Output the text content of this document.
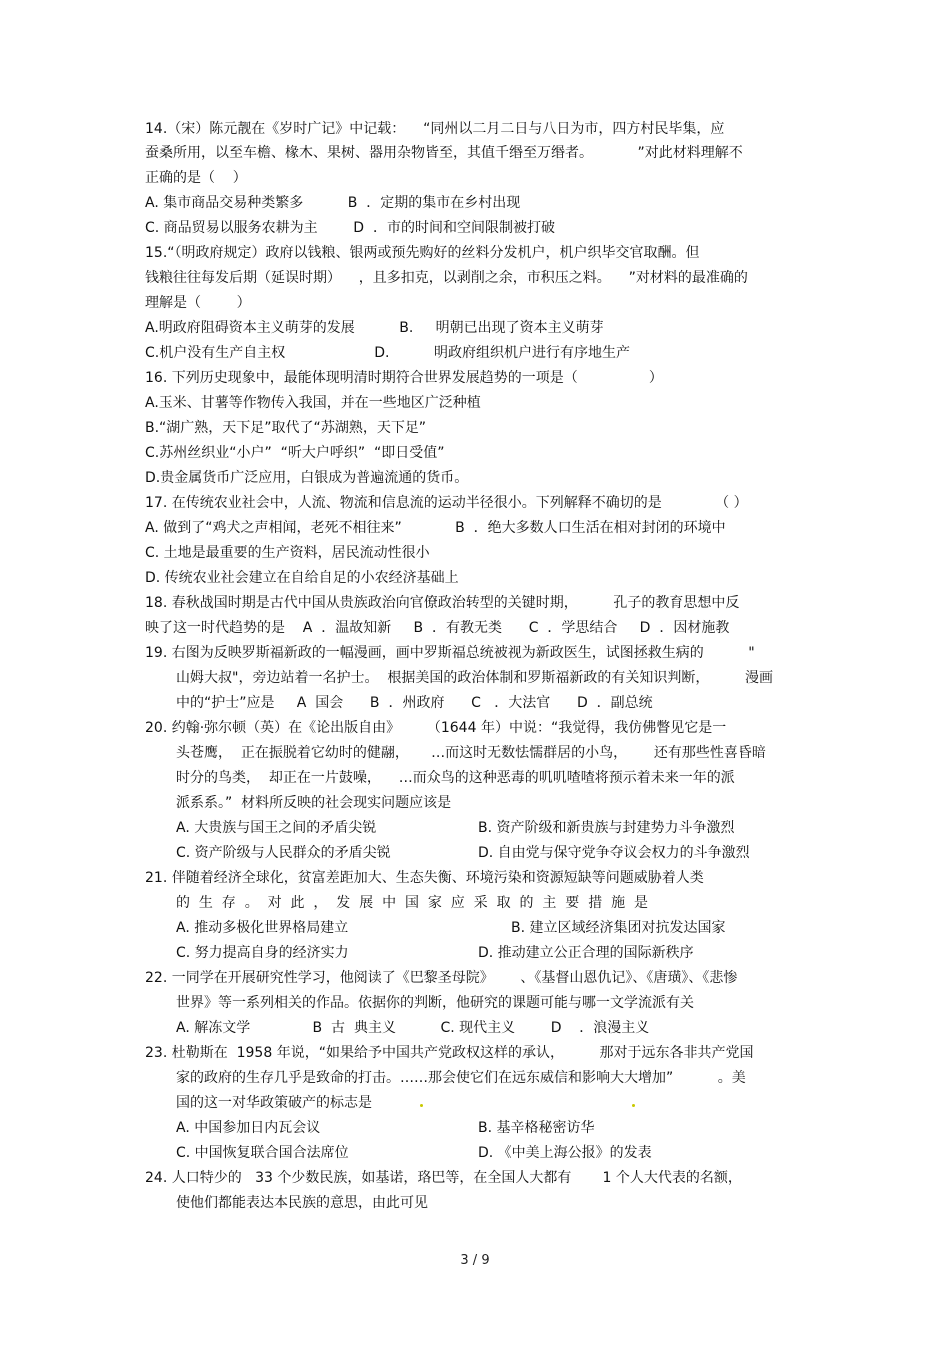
14.（宋）陈元靓在《岁时广记》中记载：    “同州以二月二日与八日为市，四方村民毕集，应
蚕桑所用，以至车檐、椽木、果树、器用杂物皆至，其值千缗至万缗者。          ”对此材料理解不
正确的是（    ）
A. 集市商品交易种类繁多          B  ．定期的集市在乡村出现
C. 商品贸易以服务农耕为主        D  ．市的时间和空间限制被打破
15.“（明政府规定）政府以钱粮、银两或预先购好的丝料分发机户，机户织毕交官取酬。但
钱粮往往每发后期（延误时期）    ，且多扣克，以剥削之余，市积压之料。    ”对材料的最准确的
理解是（        ）
A.明政府阻碍资本主义萌芽的发展          B.     明朝已出现了资本主义萌芽
C.机户没有生产自主权                    D.          明政府组织机户进行有序地生产
16. 下列历史现象中，最能体现明清时期符合世界发展趋势的一项是（                ）
A.玉米、甘薯等作物传入我国，并在一些地区广泛种植
B.“湖广熟，天下足”取代了“苏湖熟，天下足”
C.苏州丝织业“小户”  “听大户呼织”  “即日受值”
D.贵金属货币广泛应用，白银成为普遍流通的货币。
17. 在传统农业社会中，人流、物流和信息流的运动半径很小。下列解释不确切的是            （ ）
A. 做到了“鸡犬之声相闻，老死不相往来”            B  ．绝大多数人口生活在相对封闭的环境中
C. 土地是最重要的生产资料，居民流动性很小
D. 传统农业社会建立在自给自足的小农经济基础上
18. 春秋战国时期是古代中国从贵族政治向官僚政治转型的关键时期，        孔子的教育思想中反
映了这一时代趋势的是    A  ．温故知新     B  ．有教无类      C  ．学思结合     D  ．因材施教
19. 右图为反映罗斯福新政的一幅漫画，画中罗斯福总统被视为新政医生，试图拯救生病的          "
山姆大叔"，旁边站着一名护士。  根据美国的政治体制和罗斯福新政的有关知识判断，        漫画
中的“护士”应是     A  国会      B  ．州政府      C   ．大法官      D  ．副总统
20. 约翰·弥尔顿（英）在《论出版自由》      （1644 年）中说：“我觉得，我仿佛瞥见它是一
头苍鹰，  正在振脱着它幼时的健翮，     …而这时无数怯懦群居的小鸟，      还有那些性喜昏暗
时分的鸟类，  却正在一片鼓噪，    …而众鸟的这种恶毒的叽叽喳喳将预示着未来一年的派
派系系。”  材料所反映的社会现实问题应该是
A. 大贵族与国王之间的矛盾尖锐	B. 资产阶级和新贵族与封建势力斗争激烈
C. 资产阶级与人民群众的矛盾尖锐	D. 自由党与保守党争夺议会权力的斗争激烈
21. 伴随着经济全球化，贫富差距加大、生态失衡、环境污染和资源短缺等问题威胁着人类
的  生  存  。  对  此  ，  发  展  中  国  家  应  采  取  的  主  要  措  施  是
A. 推动多极化世界格局建立	B. 建立区域经济集团对抗发达国家
C. 努力提高自身的经济实力	D. 推动建立公正合理的国际新秩序
22. 一同学在开展研究性学习，他阅读了《巴黎圣母院》      、《基督山恩仇记》、《唐璜》、《悲惨
世界》等一系列相关的作品。依据你的判断，他研究的课题可能与哪一文学流派有关
A. 解冻文学              B  古  典主义          C. 现代主义        D    ．浪漫主义
23. 杜勒斯在  1958 年说，“如果给予中国共产党政权这样的承认，        那对于远东各非共产党国
家的政府的生存几乎是致命的打击。……那会使它们在远东威信和影响大大增加”          。美
国的这一对华政策破产的标志是
A. 中国参加日内瓦会议	B. 基辛格秘密访华
C. 中国恢复联合国合法席位	D. 《中美上海公报》的发表
24. 人口特少的   33 个少数民族，如基诺，珞巴等，在全国人大都有       1 个人大代表的名额，
使他们都能表达本民族的意思，由此可见
3 / 9
